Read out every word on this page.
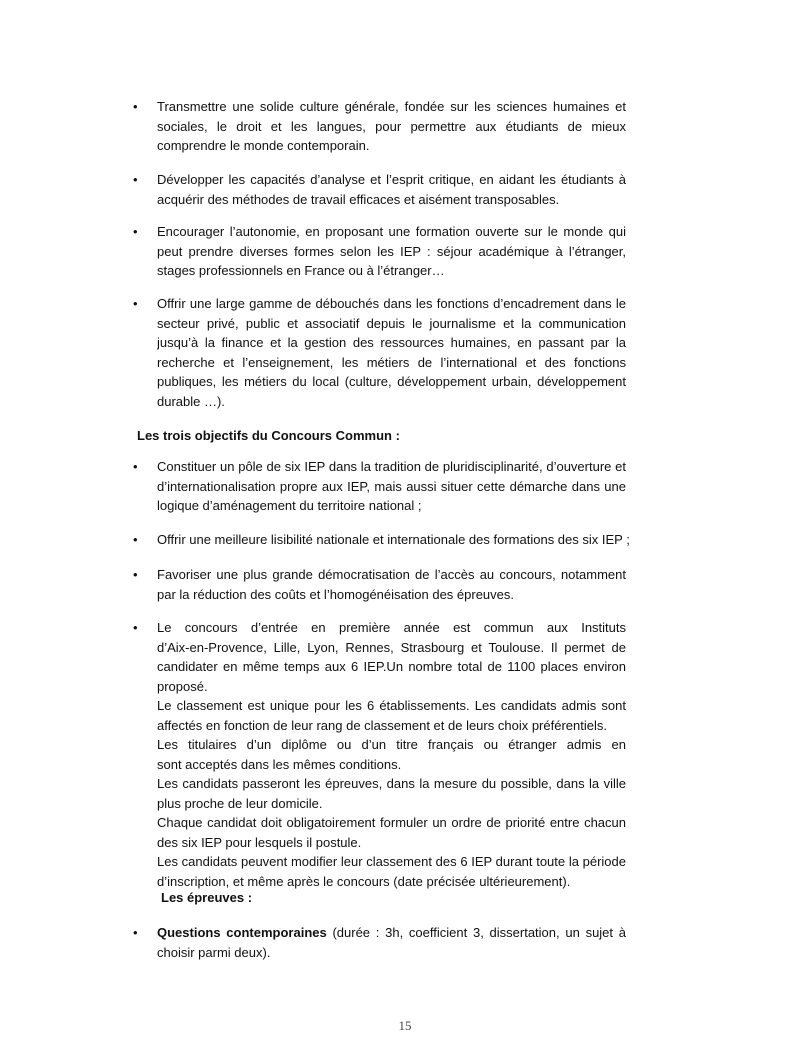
• Transmettre une solide culture générale, fondée sur les sciences humaines et
sociales, le droit et les langues, pour permettre aux étudiants de mieux
comprendre le monde contemporain.
• Développer les capacités d’analyse et l’esprit critique, en aidant les étudiants à
acquérir des méthodes de travail efficaces et aisément transposables.
• Encourager l’autonomie, en proposant une formation ouverte sur le monde qui
peut prendre diverses formes selon les IEP : séjour académique à l’étranger,
stages professionnels en France ou à l’étranger…
• Offrir une large gamme de débouchés dans les fonctions d’encadrement dans le
secteur privé, public et associatif depuis le journalisme et la communication
jusqu’à la finance et la gestion des ressources humaines, en passant par la
recherche et l’enseignement, les métiers de l’international et des fonctions
publiques, les métiers du local (culture, développement urbain, développement
durable …).
• Constituer un pôle de six IEP dans la tradition de pluridisciplinarité, d’ouverture et
d’internationalisation propre aux IEP, mais aussi situer cette démarche dans une
logique d’aménagement du territoire national ;
• Offrir une meilleure lisibilité nationale et internationale des formations des six IEP ;
• Favoriser une plus grande démocratisation de l’accès au concours, notamment
par la réduction des coûts et l’homogénéisation des épreuves.
• Le concours d’entrée en première année est commun aux Instituts
d’Aix-en-Provence, Lille, Lyon, Rennes, Strasbourg et Toulouse. Il permet de
candidater en même temps aux 6 IEP.Un nombre total de 1100 places environ
proposé.
Le classement est unique pour les 6 établissements. Les candidats admis sont
affectés en fonction de leur rang de classement et de leurs choix préférentiels.
Les titulaires d’un diplôme ou d’un titre français ou étranger admis en
sont acceptés dans les mêmes conditions.
Les candidats passeront les épreuves, dans la mesure du possible, dans la ville
plus proche de leur domicile.
Chaque candidat doit obligatoirement formuler un ordre de priorité entre chacun
des six IEP pour lesquels il postule.
Les candidats peuvent modifier leur classement des 6 IEP durant toute la période
d’inscription, et même après le concours (date précisée ultérieurement).
Les trois objectifs du Concours Commun :
Les épreuves :
• Questions contemporaines (durée : 3h, coefficient 3, dissertation, un sujet à
choisir parmi deux).
15
